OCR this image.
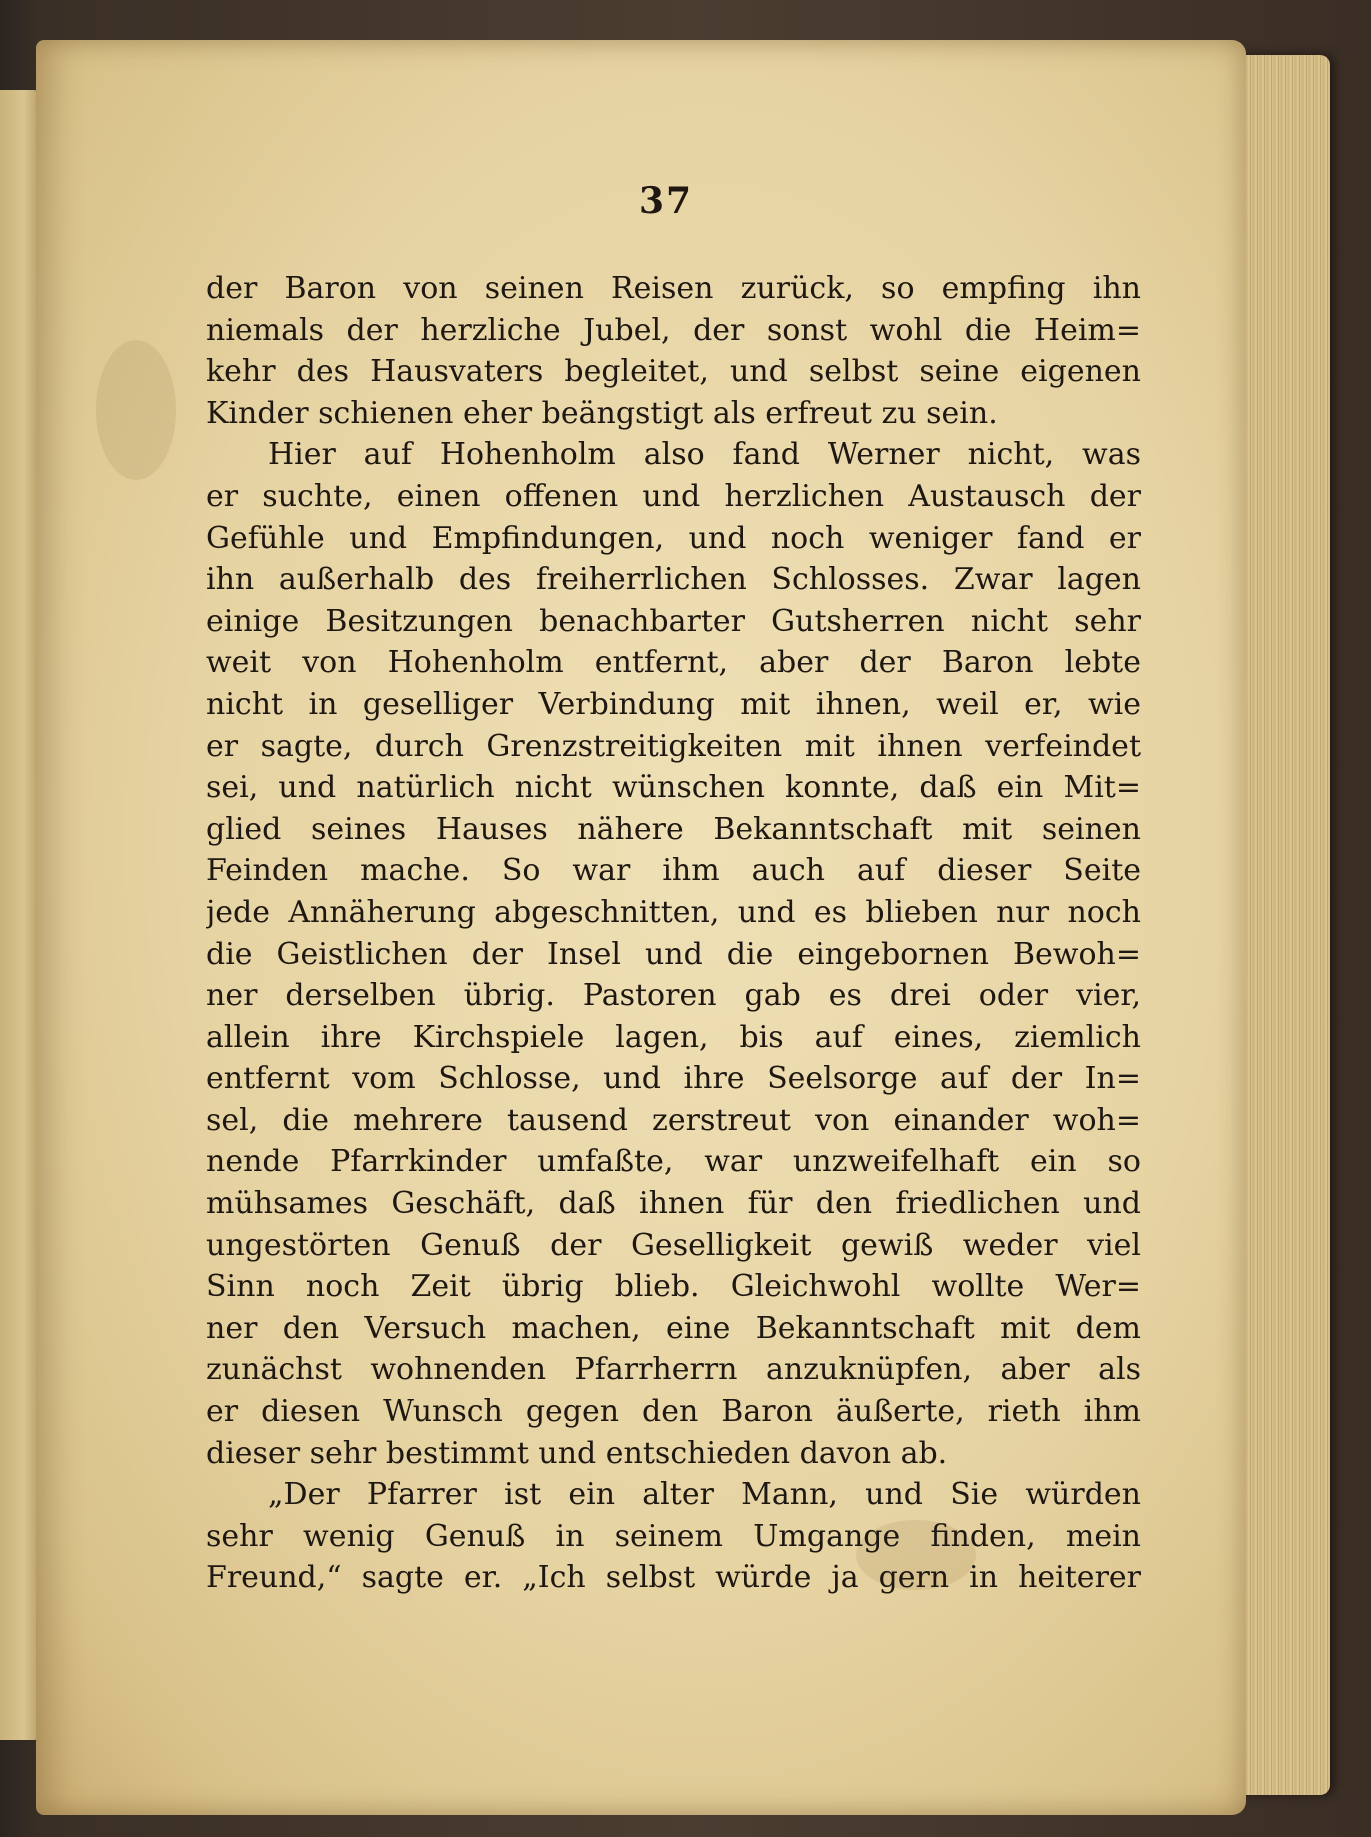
37
der Baron von seinen Reisen zurück, so empfing ihn
niemals der herzliche Jubel, der sonst wohl die Heim=
kehr des Hausvaters begleitet, und selbst seine eigenen
Kinder schienen eher beängstigt als erfreut zu sein.
Hier auf Hohenholm also fand Werner nicht, was
er suchte, einen offenen und herzlichen Austausch der
Gefühle und Empfindungen, und noch weniger fand er
ihn außerhalb des freiherrlichen Schlosses. Zwar lagen
einige Besitzungen benachbarter Gutsherren nicht sehr
weit von Hohenholm entfernt, aber der Baron lebte
nicht in geselliger Verbindung mit ihnen, weil er, wie
er sagte, durch Grenzstreitigkeiten mit ihnen verfeindet
sei, und natürlich nicht wünschen konnte, daß ein Mit=
glied seines Hauses nähere Bekanntschaft mit seinen
Feinden mache. So war ihm auch auf dieser Seite
jede Annäherung abgeschnitten, und es blieben nur noch
die Geistlichen der Insel und die eingebornen Bewoh=
ner derselben übrig. Pastoren gab es drei oder vier,
allein ihre Kirchspiele lagen, bis auf eines, ziemlich
entfernt vom Schlosse, und ihre Seelsorge auf der In=
sel, die mehrere tausend zerstreut von einander woh=
nende Pfarrkinder umfaßte, war unzweifelhaft ein so
mühsames Geschäft, daß ihnen für den friedlichen und
ungestörten Genuß der Geselligkeit gewiß weder viel
Sinn noch Zeit übrig blieb. Gleichwohl wollte Wer=
ner den Versuch machen, eine Bekanntschaft mit dem
zunächst wohnenden Pfarrherrn anzuknüpfen, aber als
er diesen Wunsch gegen den Baron äußerte, rieth ihm
dieser sehr bestimmt und entschieden davon ab.
„Der Pfarrer ist ein alter Mann, und Sie würden
sehr wenig Genuß in seinem Umgange finden, mein
Freund,“ sagte er. „Ich selbst würde ja gern in heiterer
